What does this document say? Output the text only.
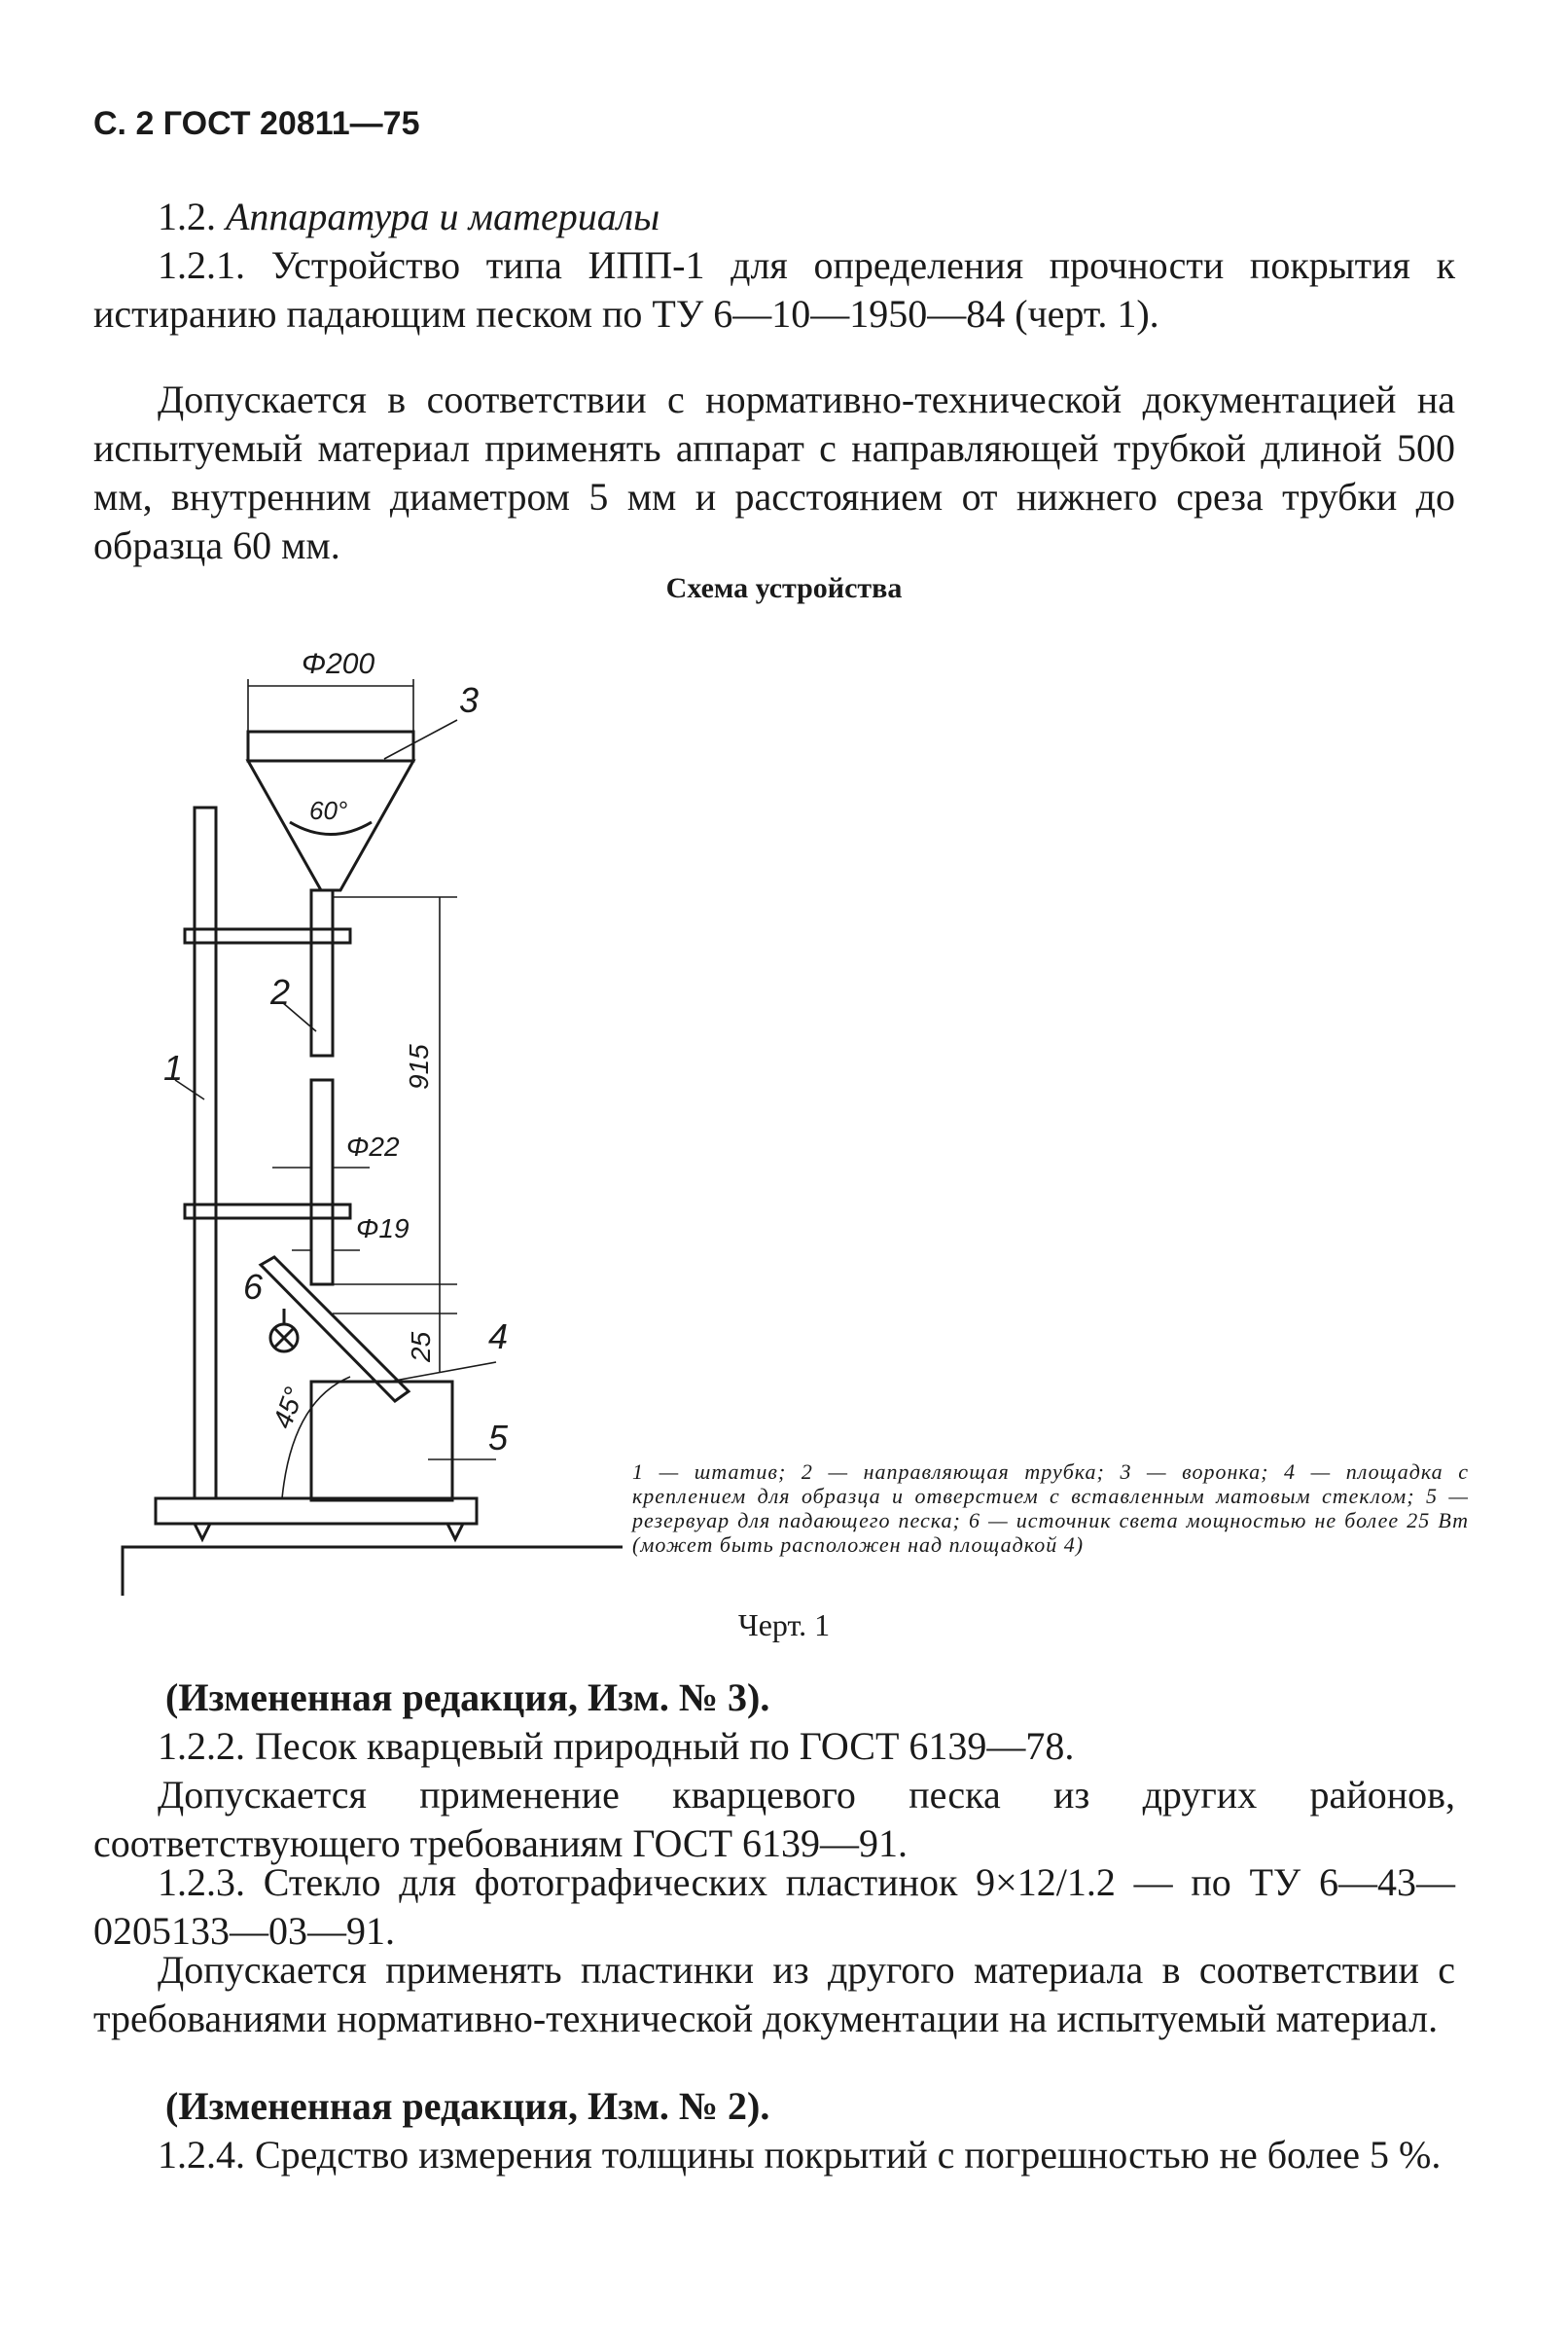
С. 2 ГОСТ 20811—75

1.2. Аппаратура и материалы

1.2.1. Устройство типа ИПП-1 для определения прочности покрытия к истиранию падающим песком по ТУ 6—10—1950—84 (черт. 1).

Допускается в соответствии с нормативно-технической документацией на испытуемый материал применять аппарат с направляющей трубкой длиной 500 мм, внутренним диаметром 5 мм и расстоянием от нижнего среза трубки до образца 60 мм.

Схема устройства
Φ200
60°
915
Φ22
Φ19
25
45°
3
2
1
6
4
5
1 — штатив; 2 — направляющая трубка; 3 — воронка; 4 — площадка с креплением для образца и отверстием с вставленным матовым стеклом; 5 — резервуар для падающего песка; 6 — источник света мощностью не более 25 Вт (может быть расположен над площадкой 4)
Черт. 1

(Измененная редакция, Изм. № 3).

1.2.2. Песок кварцевый природный по ГОСТ 6139—78.

Допускается применение кварцевого песка из других районов, соответствующего требованиям ГОСТ 6139—91.

1.2.3. Стекло для фотографических пластинок 9×12/1.2 — по ТУ 6—43—0205133—03—91.

Допускается применять пластинки из другого материала в соответствии с требованиями нормативно-технической документации на испытуемый материал.

(Измененная редакция, Изм. № 2).

1.2.4. Средство измерения толщины покрытий с погрешностью не более 5 %.
